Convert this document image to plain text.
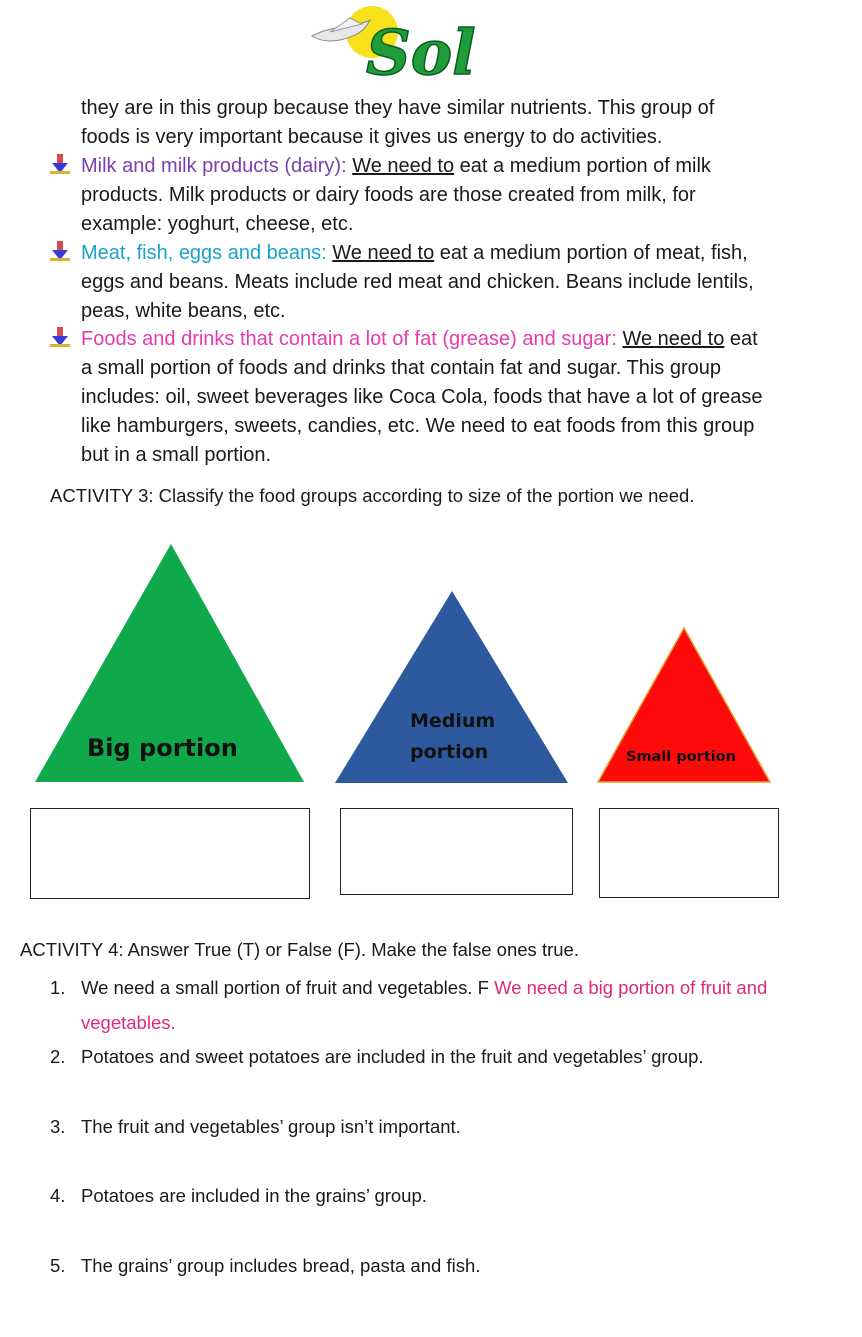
Sol
they are in this group because they have similar nutrients. This group of
foods is very important because it gives us energy to do activities.
Milk and milk products (dairy): We need to eat a medium portion of milk
products. Milk products or dairy foods are those created from milk, for
example: yoghurt, cheese, etc.
Meat, fish, eggs and beans: We need to eat a medium portion of meat, fish,
eggs and beans. Meats include red meat and chicken. Beans include lentils,
peas, white beans, etc.
Foods and drinks that contain a lot of fat (grease) and sugar: We need to eat
a small portion of foods and drinks that contain fat and sugar. This group
includes: oil, sweet beverages like Coca Cola, foods that have a lot of grease
like hamburgers, sweets, candies, etc. We need to eat foods from this group
but in a small portion.
ACTIVITY 3: Classify the food groups according to size of the portion we need.
Big portion
Medium
portion	Small portion
ACTIVITY 4: Answer True (T) or False (F). Make the false ones true.
1. We need a small portion of fruit and vegetables. F We need a big portion of fruit and
vegetables.
2. Potatoes and sweet potatoes are included in the fruit and vegetables’ group.
3. The fruit and vegetables’ group isn’t important.
4. Potatoes are included in the grains’ group.
5. The grains’ group includes bread, pasta and fish.
